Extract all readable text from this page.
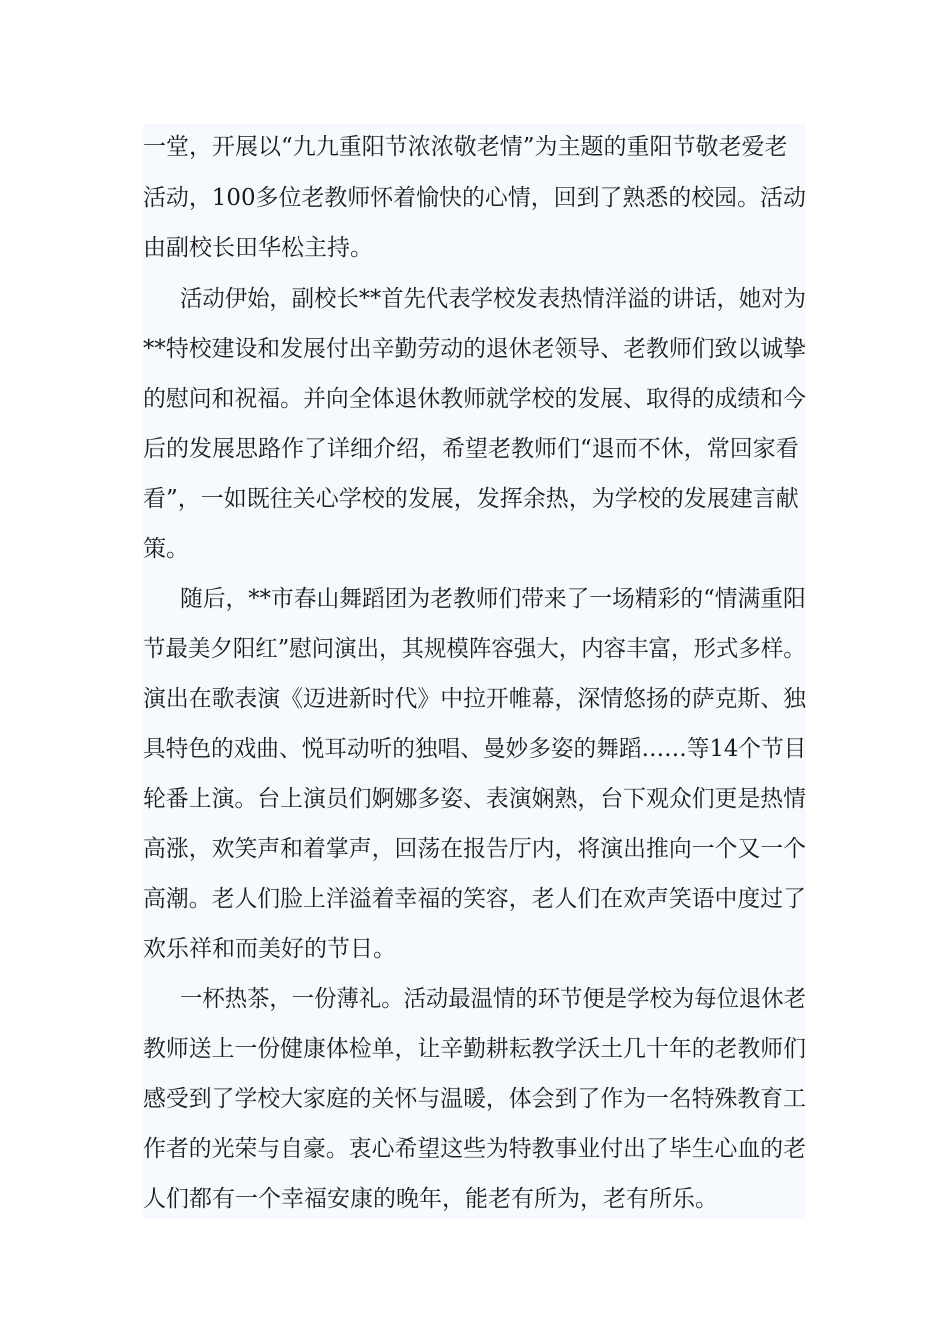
一堂，开展以“九九重阳节浓浓敬老情”为主题的重阳节敬老爱老
活动，100多位老教师怀着愉快的心情，回到了熟悉的校园。活动
由副校长田华松主持。
活动伊始，副校长**首先代表学校发表热情洋溢的讲话，她对为
**特校建设和发展付出辛勤劳动的退休老领导、老教师们致以诚挚
的慰问和祝福。并向全体退休教师就学校的发展、取得的成绩和今
后的发展思路作了详细介绍，希望老教师们“退而不休，常回家看
看”，一如既往关心学校的发展，发挥余热，为学校的发展建言献
策。
随后，**市春山舞蹈团为老教师们带来了一场精彩的“情满重阳
节最美夕阳红”慰问演出，其规模阵容强大，内容丰富，形式多样。
演出在歌表演《迈进新时代》中拉开帷幕，深情悠扬的萨克斯、独
具特色的戏曲、悦耳动听的独唱、曼妙多姿的舞蹈……等14个节目
轮番上演。台上演员们婀娜多姿、表演娴熟，台下观众们更是热情
高涨，欢笑声和着掌声，回荡在报告厅内，将演出推向一个又一个
高潮。老人们脸上洋溢着幸福的笑容，老人们在欢声笑语中度过了
欢乐祥和而美好的节日。
一杯热茶，一份薄礼。活动最温情的环节便是学校为每位退休老
教师送上一份健康体检单，让辛勤耕耘教学沃土几十年的老教师们
感受到了学校大家庭的关怀与温暖，体会到了作为一名特殊教育工
作者的光荣与自豪。衷心希望这些为特教事业付出了毕生心血的老
人们都有一个幸福安康的晚年，能老有所为，老有所乐。
